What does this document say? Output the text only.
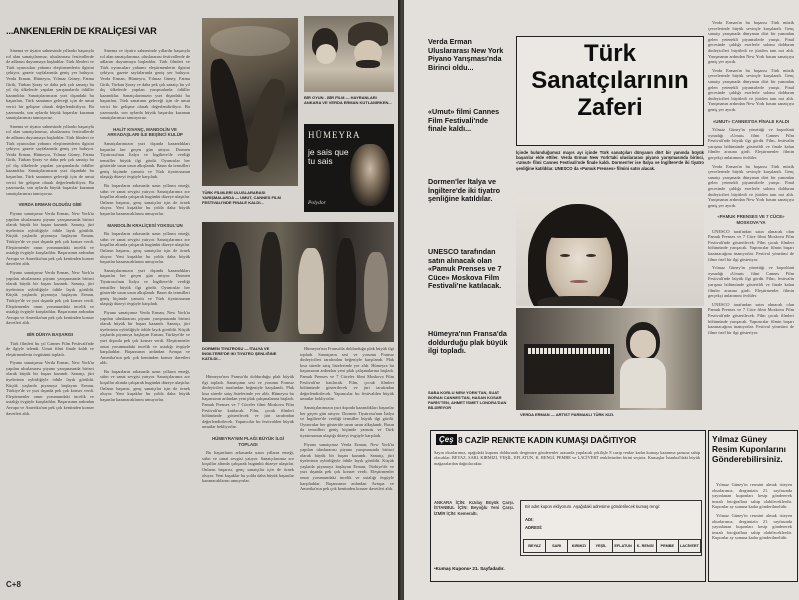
...ANKENLERİN DE KRALİÇESİ VAR

Sinema ve tiyatro sahnesinde yıllardır başarıyla rol alan sanatçılarımız, uluslararası festivallerde de adlarını duyurmaya başladılar. Türk filmleri ve Türk oyuncuları yabancı eleştirmenlerin ilgisini çekiyor, gazete sayfalarında geniş yer buluyor. Verda Erman, Hümeyra, Yılmaz Güney, Fatma Girik, Türkan Şoray ve daha pek çok sanatçı bu yıl dış ülkelerde yapılan yarışmalarda ödüller kazandılar. Sanatçılarımızın yurt dışındaki bu başarıları, Türk sanatının geleceği için de umut verici bir gelişme olarak değerlendiriliyor. Bu yazımızda, son aylarda büyük başarılar kazanan sanatçılarımızı tanıtıyoruz.

Sinema ve tiyatro sahnesinde yıllardır başarıyla rol alan sanatçılarımız, uluslararası festivallerde de adlarını duyurmaya başladılar. Türk filmleri ve Türk oyuncuları yabancı eleştirmenlerin ilgisini çekiyor, gazete sayfalarında geniş yer buluyor. Verda Erman, Hümeyra, Yılmaz Güney, Fatma Girik, Türkan Şoray ve daha pek çok sanatçı bu yıl dış ülkelerde yapılan yarışmalarda ödüller kazandılar. Sanatçılarımızın yurt dışındaki bu başarıları, Türk sanatının geleceği için de umut verici bir gelişme olarak değerlendiriliyor. Bu yazımızda, son aylarda büyük başarılar kazanan sanatçılarımızı tanıtıyoruz.

VERDA ERMAN OLDUĞU GİBİ

Piyano sanatçımız Verda Erman, New York'ta yapılan uluslararası piyano yarışmasında birinci olarak büyük bir başarı kazandı. Sanatçı, jüri üyelerinin oybirliğiyle ödüle layık görüldü. Küçük yaşlarda piyanoya başlayan Erman, Türkiye'de ve yurt dışında pek çok konser verdi. Eleştirmenler onun yorumundaki incelik ve ustalığı övgüyle karşıladılar. Başarısının ardından Avrupa ve Amerika'nın pek çok kentinden konser davetleri aldı.

Piyano sanatçımız Verda Erman, New York'ta yapılan uluslararası piyano yarışmasında birinci olarak büyük bir başarı kazandı. Sanatçı, jüri üyelerinin oybirliğiyle ödüle layık görüldü. Küçük yaşlarda piyanoya başlayan Erman, Türkiye'de ve yurt dışında pek çok konser verdi. Eleştirmenler onun yorumundaki incelik ve ustalığı övgüyle karşıladılar. Başarısının ardından Avrupa ve Amerika'nın pek çok kentinden konser davetleri aldı.

BİR DÜNYA BAŞARISI

Türk filmleri bu yıl Cannes Film Festivali'nde de ilgiyle izlendi. Umut filmi finale kaldı ve eleştirmenlerin övgüsünü topladı.

Piyano sanatçımız Verda Erman, New York'ta yapılan uluslararası piyano yarışmasında birinci olarak büyük bir başarı kazandı. Sanatçı, jüri üyelerinin oybirliğiyle ödüle layık görüldü. Küçük yaşlarda piyanoya başlayan Erman, Türkiye'de ve yurt dışında pek çok konser verdi. Eleştirmenler onun yorumundaki incelik ve ustalığı övgüyle karşıladılar. Başarısının ardından Avrupa ve Amerika'nın pek çok kentinden konser davetleri aldı.

Sinema ve tiyatro sahnesinde yıllardır başarıyla rol alan sanatçılarımız, uluslararası festivallerde de adlarını duyurmaya başladılar. Türk filmleri ve Türk oyuncuları yabancı eleştirmenlerin ilgisini çekiyor, gazete sayfalarında geniş yer buluyor. Verda Erman, Hümeyra, Yılmaz Güney, Fatma Girik, Türkan Şoray ve daha pek çok sanatçı bu yıl dış ülkelerde yapılan yarışmalarda ödüller kazandılar. Sanatçılarımızın yurt dışındaki bu başarıları, Türk sanatının geleceği için de umut verici bir gelişme olarak değerlendiriliyor. Bu yazımızda, son aylarda büyük başarılar kazanan sanatçılarımızı tanıtıyoruz.

HALİT KIVANÇ, MANDOLİN VE ARKADAŞLARI İLE BEŞİNCİ KULÜP

Sanatçılarımızın yurt dışında kazandıkları başarılar her geçen gün artıyor. Dormen Tiyatrosu'nun İtalya ve İngiltere'de verdiği temsiller büyük ilgi gördü. Oyuncular her gösteride uzun uzun alkışlandı. Basın da temsilleri geniş biçimde yansıttı ve Türk tiyatrosunun ulaştığı düzeyi övgüyle karşıladı.

Bu başarıların arkasında uzun yılların emeği, sabrı ve sanat sevgisi yatıyor. Sanatçılarımız zor koşullar altında çalışarak bugünkü düzeye ulaştılar. Onların başarısı, genç sanatçılar için de örnek oluyor. Yeni kuşaklar bu yolda daha büyük başarılar kazanacaklarını umuyorlar.

MANDOLİN KRALİÇESİ YOKSUL'UN

Bu başarıların arkasında uzun yılların emeği, sabrı ve sanat sevgisi yatıyor. Sanatçılarımız zor koşullar altında çalışarak bugünkü düzeye ulaştılar. Onların başarısı, genç sanatçılar için de örnek oluyor. Yeni kuşaklar bu yolda daha büyük başarılar kazanacaklarını umuyorlar.

Sanatçılarımızın yurt dışında kazandıkları başarılar her geçen gün artıyor. Dormen Tiyatrosu'nun İtalya ve İngiltere'de verdiği temsiller büyük ilgi gördü. Oyuncular her gösteride uzun uzun alkışlandı. Basın da temsilleri geniş biçimde yansıttı ve Türk tiyatrosunun ulaştığı düzeyi övgüyle karşıladı.

Piyano sanatçımız Verda Erman, New York'ta yapılan uluslararası piyano yarışmasında birinci olarak büyük bir başarı kazandı. Sanatçı, jüri üyelerinin oybirliğiyle ödüle layık görüldü. Küçük yaşlarda piyanoya başlayan Erman, Türkiye'de ve yurt dışında pek çok konser verdi. Eleştirmenler onun yorumundaki incelik ve ustalığı övgüyle karşıladılar. Başarısının ardından Avrupa ve Amerika'nın pek çok kentinden konser davetleri aldı.

Bu başarıların arkasında uzun yılların emeği, sabrı ve sanat sevgisi yatıyor. Sanatçılarımız zor koşullar altında çalışarak bugünkü düzeye ulaştılar. Onların başarısı, genç sanatçılar için de örnek oluyor. Yeni kuşaklar bu yolda daha büyük başarılar kazanacaklarını umuyorlar.

BİR OYUN - BİR FİLM — HAYRANLARI ANKARA VE VERDA ERMAN KUTLANIRKEN...
HÜMEYRA
je sais que tu sais
Polydor
TÜRK FİLMLERİ ULUSLARARASI YARIŞMALARDA — UMUT, CANNES FILM FESTIVALI'NDE FINALE KALDI...
DORMEN TİYATROSU — İTALYA VE İNGILTERE'DE IKI TIYATRO ŞENLIĞINE KATILDI...

Hümeyra'nın Fransa'da doldurduğu plak büyük ilgi topladı. Sanatçının sesi ve yorumu Fransız dinleyicileri tarafından beğeniyle karşılandı. Plak kısa sürede satış listelerinde yer aldı. Hümeyra bu başarısının ardından yeni plak çalışmalarına başladı. Pamuk Prenses ve 7 Cüceler filmi Moskova Film Festivali'ne katılacak. Film, çocuk filmleri bölümünde gösterilecek ve jüri tarafından değerlendirilecek. Yapımcılar bu festivalden büyük umutlar bekliyorlar.

HÜMEYRA'NIN PLAĞI BÜYÜK İLGİ TOPLADI

Bu başarıların arkasında uzun yılların emeği, sabrı ve sanat sevgisi yatıyor. Sanatçılarımız zor koşullar altında çalışarak bugünkü düzeye ulaştılar. Onların başarısı, genç sanatçılar için de örnek oluyor. Yeni kuşaklar bu yolda daha büyük başarılar kazanacaklarını umuyorlar.

Hümeyra'nın Fransa'da doldurduğu plak büyük ilgi topladı. Sanatçının sesi ve yorumu Fransız dinleyicileri tarafından beğeniyle karşılandı. Plak kısa sürede satış listelerinde yer aldı. Hümeyra bu başarısının ardından yeni plak çalışmalarına başladı. Pamuk Prenses ve 7 Cüceler filmi Moskova Film Festivali'ne katılacak. Film, çocuk filmleri bölümünde gösterilecek ve jüri tarafından değerlendirilecek. Yapımcılar bu festivalden büyük umutlar bekliyorlar.

Sanatçılarımızın yurt dışında kazandıkları başarılar her geçen gün artıyor. Dormen Tiyatrosu'nun İtalya ve İngiltere'de verdiği temsiller büyük ilgi gördü. Oyuncular her gösteride uzun uzun alkışlandı. Basın da temsilleri geniş biçimde yansıttı ve Türk tiyatrosunun ulaştığı düzeyi övgüyle karşıladı.

Piyano sanatçımız Verda Erman, New York'ta yapılan uluslararası piyano yarışmasında birinci olarak büyük bir başarı kazandı. Sanatçı, jüri üyelerinin oybirliğiyle ödüle layık görüldü. Küçük yaşlarda piyanoya başlayan Erman, Türkiye'de ve yurt dışında pek çok konser verdi. Eleştirmenler onun yorumundaki incelik ve ustalığı övgüyle karşıladılar. Başarısının ardından Avrupa ve Amerika'nın pek çok kentinden konser davetleri aldı.

C+8
Verda Erman Uluslararası New York Piyano Yarışması'nda Birinci oldu...
«Umut» filmi Cannes Film Festivali'nde finale kaldı...
Dormen'ler İtalya ve İngiltere'de iki tiyatro şenliğine katıldılar.
UNESCO tarafından satın alınacak olan «Pamuk Prenses ve 7 Cüce» Moskova Film Festivali'ne katılacak.
Hümeyra'nın Fransa'da doldurduğu plak büyük ilgi topladı.
SABA KORLU NEW YORK'TAN, SUAT BORAN CANNES'TAN, HASAN KOSAR PARİS'TEN, AHMET İSMET LONDRA'DAN BİLDİRİYOR
Türk
Sanatçılarının
Zaferi
İçinde bulunduğumuz mayıs ayı içinde Türk sanatçıları dünyanın dört bir yanında büyük başarılar elde ettiler. Verda Erman New York'taki uluslararası piyano yarışmasında birinci, «Umut» filmi Cannes Festivali'nde finale kaldı. Dormen'ler ise İtalya ve İngiltere'de iki tiyatro şenliğine katıldılar. UNESCO da «Pamuk Prenses» filmini satın alacak.
VERDA ERMAN — ARTIST PARMAKLI TÜRK KIZI.

Verda Erman'ın bu başarısı Türk müzik çevrelerinde büyük sevinçle karşılandı. Genç sanatçı yarışmada dünyanın dört bir yanından gelen yetenekli piyanistlerle yarıştı. Final gecesinde çaldığı eserlerle salonu dolduran dinleyicileri büyüledi ve jüriden tam not aldı. Yarışmanın ardından New York basını sanatçıya geniş yer ayırdı.

Verda Erman'ın bu başarısı Türk müzik çevrelerinde büyük sevinçle karşılandı. Genç sanatçı yarışmada dünyanın dört bir yanından gelen yetenekli piyanistlerle yarıştı. Final gecesinde çaldığı eserlerle salonu dolduran dinleyicileri büyüledi ve jüriden tam not aldı. Yarışmanın ardından New York basını sanatçıya geniş yer ayırdı.

«UMUT» CANNES'DA FİNALE KALDI

Yılmaz Güney'in yönettiği ve başrolünü oynadığı «Umut» filmi Cannes Film Festivali'nde büyük ilgi gördü. Film, festivalin yarışma bölümünde gösterildi ve finale kalan filmler arasına girdi. Eleştirmenler filmin gerçekçi anlatımını övdüler.

Verda Erman'ın bu başarısı Türk müzik çevrelerinde büyük sevinçle karşılandı. Genç sanatçı yarışmada dünyanın dört bir yanından gelen yetenekli piyanistlerle yarıştı. Final gecesinde çaldığı eserlerle salonu dolduran dinleyicileri büyüledi ve jüriden tam not aldı. Yarışmanın ardından New York basını sanatçıya geniş yer ayırdı.

«PAMUK PRENSES VE 7 CÜCE» MOSKOVA'YA

UNESCO tarafından satın alınacak olan Pamuk Prenses ve 7 Cüce filmi Moskova Film Festivali'nde gösterilecek. Film çocuk filmleri bölümünde yarışacak. Yapımcılar filmin başarı kazanacağına inanıyorlar. Festival yönetimi de filme özel bir ilgi gösteriyor.

Yılmaz Güney'in yönettiği ve başrolünü oynadığı «Umut» filmi Cannes Film Festivali'nde büyük ilgi gördü. Film, festivalin yarışma bölümünde gösterildi ve finale kalan filmler arasına girdi. Eleştirmenler filmin gerçekçi anlatımını övdüler.

UNESCO tarafından satın alınacak olan Pamuk Prenses ve 7 Cüce filmi Moskova Film Festivali'nde gösterilecek. Film çocuk filmleri bölümünde yarışacak. Yapımcılar filmin başarı kazanacağına inanıyorlar. Festival yönetimi de filme özel bir ilgi gösteriyor.

Çeş 8 CAZİP RENKTE KADIN KUMAŞI DAĞITIYOR
Sayın okurlarımız, aşağıdaki kuponu doldurarak dergimize gönderenler arasında yapılacak çekilişle 8 cazip renkte kadın kumaşı kazanma şansına sahip olacaklar. BEYAZ, SARI, KIRMIZI, YEŞİL, EFLATUN, K. RENGİ, PEMBE ve LACİVERT renklerinden birini seçiniz. Kumaşlar İstanbul'daki büyük mağazalardan dağıtılacaktır.
ANKARA İÇİN: Kızılay Büyük Çarşı. İSTANBUL İÇİN: Beyoğlu Yeni Çarşı. İZMİR İÇİN: Kemeraltı.
•Kumaş Kuponu• 21. Sayfadadır.
Bir adet kupon ekliyorum. Aşağıdaki adresime gönderilecek kumaş rengi:
ADI:
ADRESİ:
BEYAZ	SARI	KIRMIZI	YEŞİL	EFLATUN	K. RENGİ	PEMBE	LACİVERT
Yılmaz Güney Resim Kuponlarını Gönderebilirsiniz.

Yılmaz Güney'in resmini almak isteyen okurlarımız, dergimizin 21. sayfasında yayınlanan kuponları kesip göndererek imzalı fotoğraflara sahip olabileceklerdir. Kuponlar ay sonuna kadar gönderilmelidir.

Yılmaz Güney'in resmini almak isteyen okurlarımız, dergimizin 21. sayfasında yayınlanan kuponları kesip göndererek imzalı fotoğraflara sahip olabileceklerdir. Kuponlar ay sonuna kadar gönderilmelidir.
